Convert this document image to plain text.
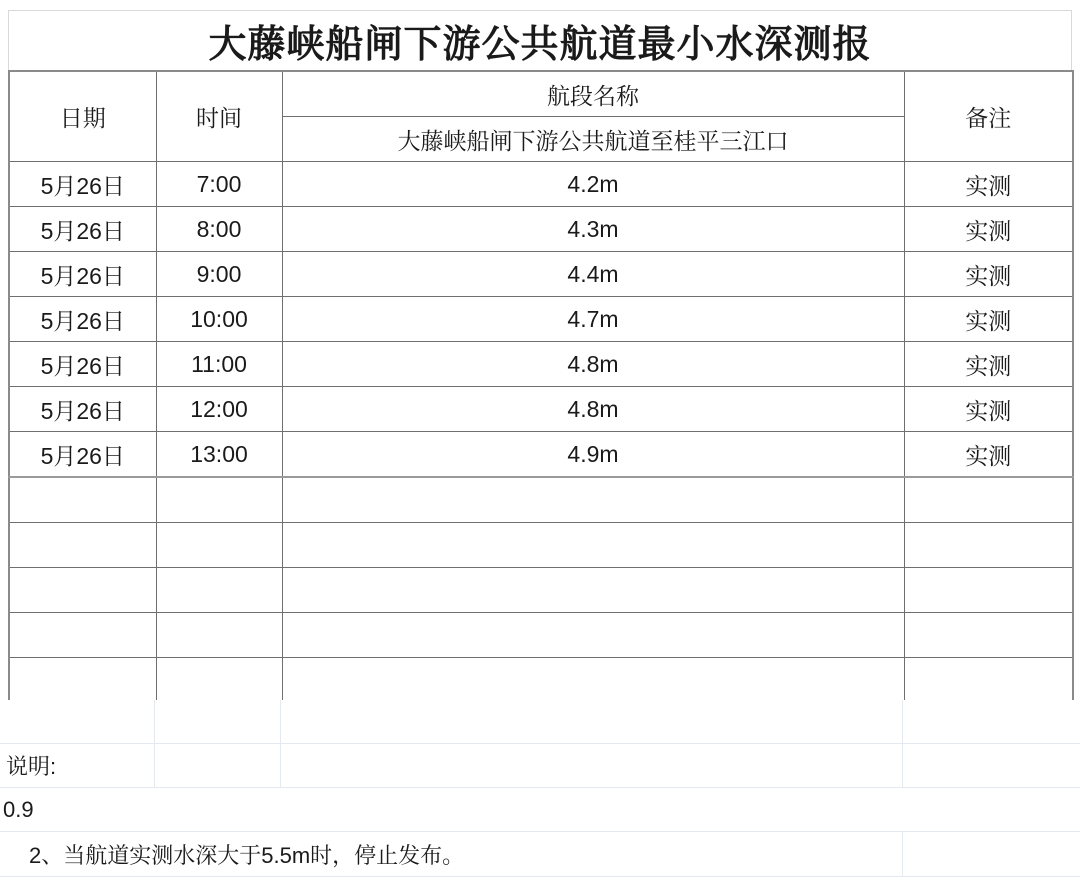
大藤峡船闸下游公共航道最小水深测报
日期	时间	航段名称	备注
		大藤峡船闸下游公共航道至桂平三江口	
5月26日	7:00	4.2m	实测
5月26日	8:00	4.3m	实测
5月26日	9:00	4.4m	实测
5月26日	10:00	4.7m	实测
5月26日	11:00	4.8m	实测
5月26日	12:00	4.8m	实测
5月26日	13:00	4.9m	实测

说明:
0.9
2、当航道实测水深大于5.5m时，停止发布。
